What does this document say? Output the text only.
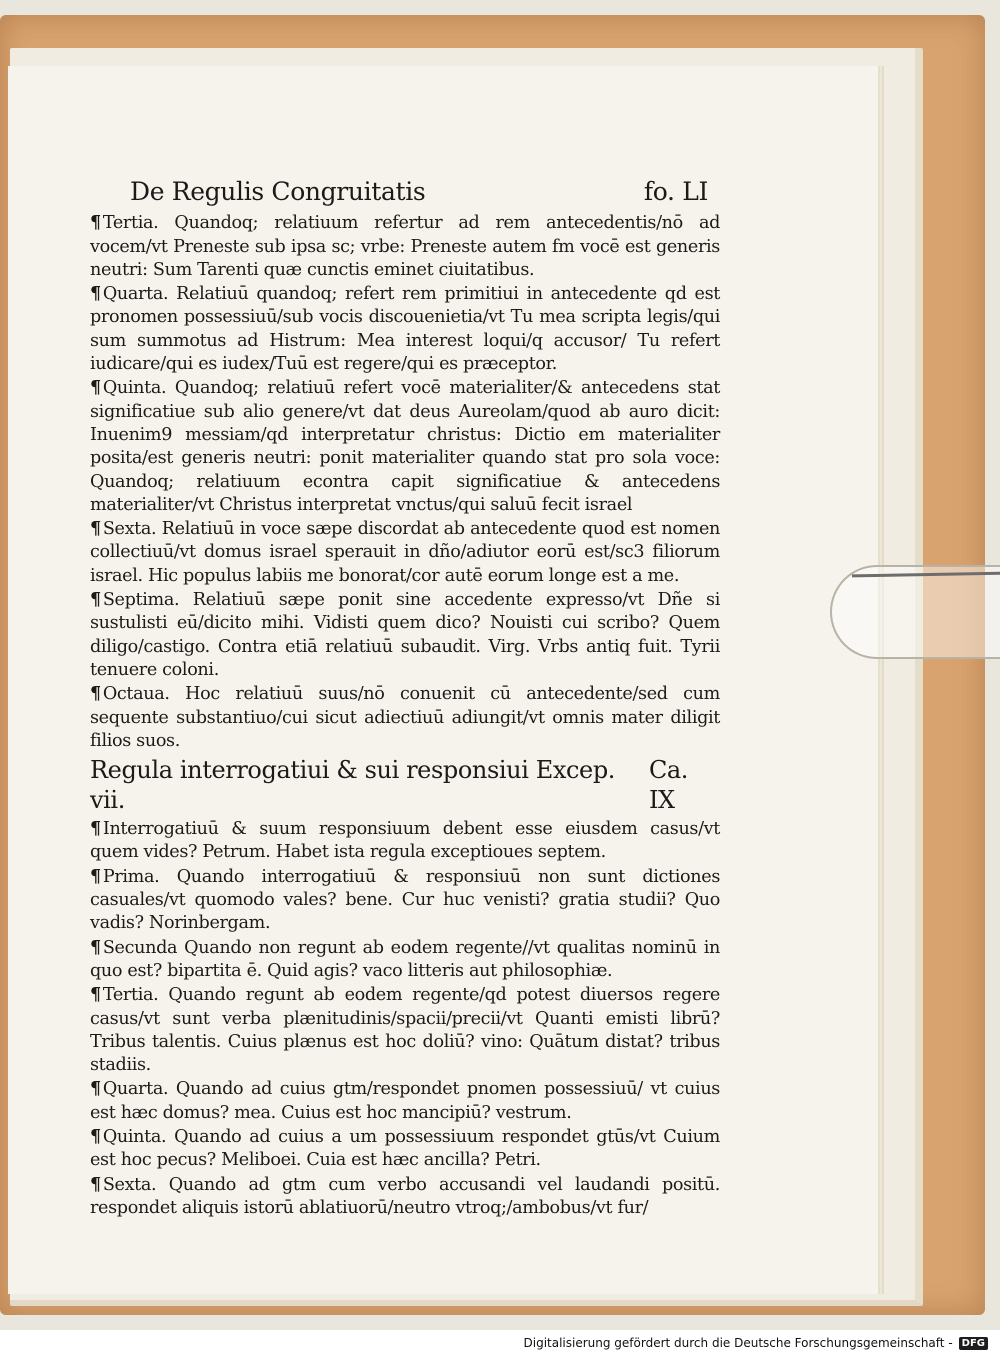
De Regulis Congruitatis	fo. LI

¶ Tertia. Quandoq; relatiuum refertur ad rem antecedentis/nō ad vocem/vt Preneste sub ipsa sc; vrbe: Preneste autem fm vocē est generis neutri: Sum Tarenti quæ cunctis eminet ciuitatibus.

¶ Quarta. Relatiuū quandoq; refert rem primitiui in antecedente qd est pronomen possessiuū/sub vocis discouenietia/vt Tu mea scripta legis/qui sum summotus ad Histrum: Mea interest loqui/q accusor/ Tu refert iudicare/qui es iudex/Tuū est regere/qui es præceptor.

¶ Quinta. Quandoq; relatiuū refert vocē materialiter/& antecedens stat significatiue sub alio genere/vt dat deus Aureolam/quod ab auro dicit: Inuenim9 messiam/qd interpretatur christus: Dictio em materialiter posita/est generis neutri: ponit materialiter quando stat pro sola voce: Quandoq; relatiuum econtra capit significatiue & antecedens materialiter/vt Christus interpretat vnctus/qui saluū fecit israel

¶ Sexta. Relatiuū in voce sæpe discordat ab antecedente quod est nomen collectiuū/vt domus israel sperauit in dño/adiutor eorū est/sc3 filiorum israel. Hic populus labiis me bonorat/cor autē eorum longe est a me.

¶ Septima. Relatiuū sæpe ponit sine accedente expresso/vt Dñe si sustulisti eū/dicito mihi. Vidisti quem dico? Nouisti cui scribo? Quem diligo/castigo. Contra etiā relatiuū subaudit. Virg. Vrbs antiq fuit. Tyrii tenuere coloni.

¶ Octaua. Hoc relatiuū suus/nō conuenit cū antecedente/sed cum sequente substantiuo/cui sicut adiectiuū adiungit/vt omnis mater diligit filios suos.

Regula interrogatiui & sui responsiui Excep. vii.
Ca. IX

¶ Interrogatiuū & suum responsiuum debent esse eiusdem casus/vt quem vides? Petrum. Habet ista regula exceptioues septem.

¶ Prima. Quando interrogatiuū & responsiuū non sunt dictiones casuales/vt quomodo vales? bene. Cur huc venisti? gratia studii? Quo vadis? Norinbergam.

¶ Secunda Quando non regunt ab eodem regente//vt qualitas nominū in quo est? bipartita ē. Quid agis? vaco litteris aut philosophiæ.

¶ Tertia. Quando regunt ab eodem regente/qd potest diuersos regere casus/vt sunt verba plænitudinis/spacii/precii/vt Quanti emisti librū? Tribus talentis. Cuius plænus est hoc doliū? vino: Quātum distat? tribus stadiis.

¶ Quarta. Quando ad cuius gtm/respondet pnomen possessiuū/ vt cuius est hæc domus? mea. Cuius est hoc mancipiū? vestrum.

¶ Quinta. Quando ad cuius a um possessiuum respondet gtūs/vt Cuium est hoc pecus? Meliboei. Cuia est hæc ancilla? Petri.

¶ Sexta. Quando ad gtm cum verbo accusandi vel laudandi positū. respondet aliquis istorū ablatiuorū/neutro vtroq;/ambobus/vt fur/

Digitalisierung gefördert durch die Deutsche Forschungsgemeinschaft - DFG
